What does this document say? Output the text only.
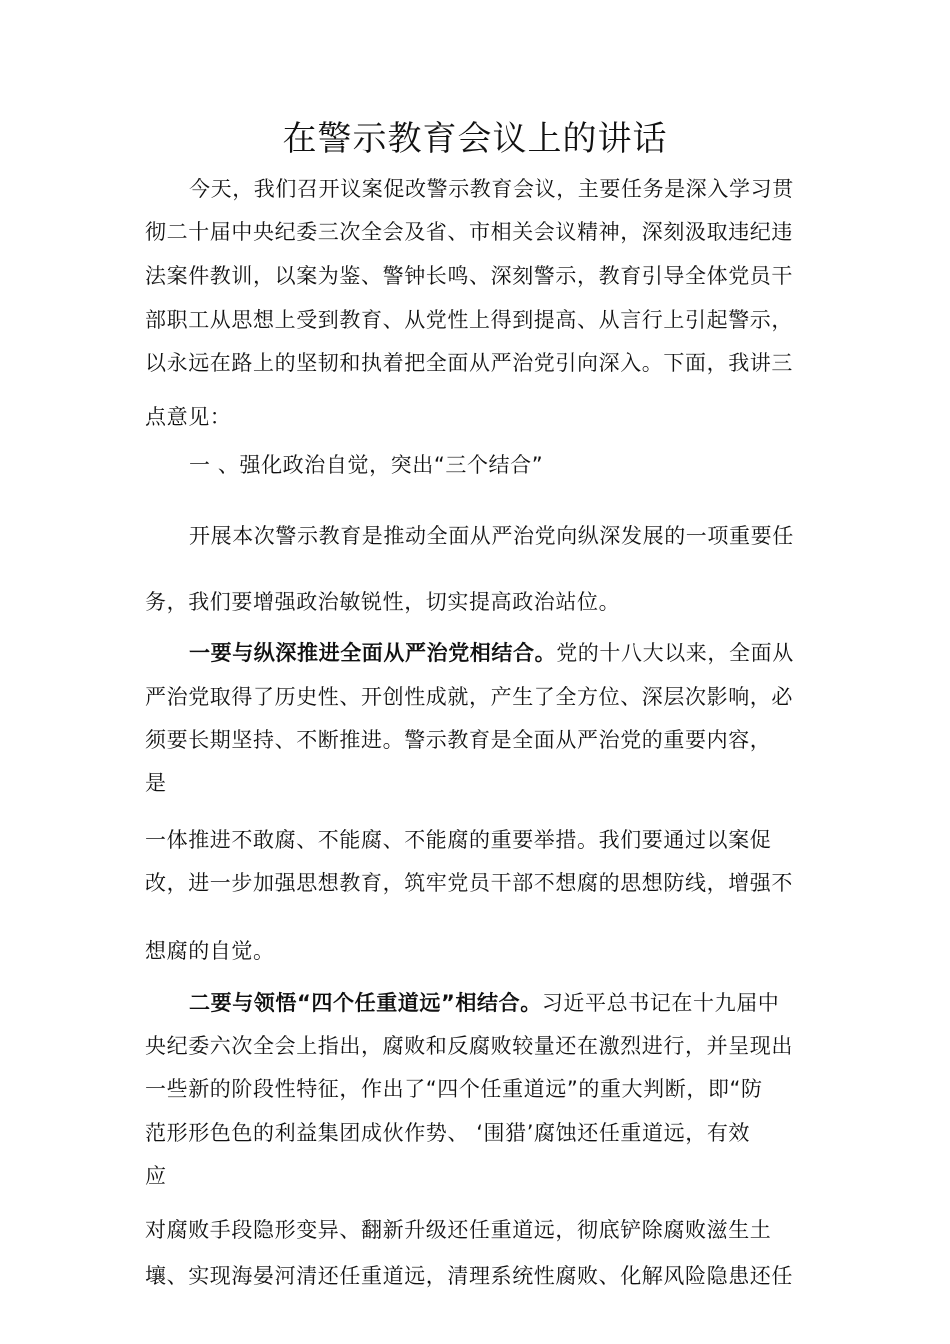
在警示教育会议上的讲话
今天，我们召开议案促改警示教育会议，主要任务是深入学习贯
彻二十届中央纪委三次全会及省、市相关会议精神，深刻汲取违纪违
法案件教训，以案为鉴、警钟长鸣、深刻警示，教育引导全体党员干
部职工从思想上受到教育、从党性上得到提高、从言行上引起警示，
以永远在路上的坚韧和执着把全面从严治党引向深入。下面，我讲三
点意见：
一 、强化政治自觉，突出“三个结合”
开展本次警示教育是推动全面从严治党向纵深发展的一项重要任
务，我们要增强政治敏锐性，切实提高政治站位。
一要与纵深推进全面从严治党相结合。党的十八大以来，全面从
严治党取得了历史性、开创性成就，产生了全方位、深层次影响，必
须要长期坚持、不断推进。警示教育是全面从严治党的重要内容，
是
一体推进不敢腐、不能腐、不能腐的重要举措。我们要通过以案促
改，进一步加强思想教育，筑牢党员干部不想腐的思想防线，增强不
想腐的自觉。
二要与领悟“四个任重道远”相结合。习近平总书记在十九届中
央纪委六次全会上指出，腐败和反腐败较量还在激烈进行，并呈现出
一些新的阶段性特征，作出了“四个任重道远”的重大判断，即“防
范形形色色的利益集团成伙作势、 ‘围猎’腐蚀还任重道远，有效
应
对腐败手段隐形变异、翻新升级还任重道远，彻底铲除腐败滋生土
壤、实现海晏河清还任重道远，清理系统性腐败、化解风险隐患还任
